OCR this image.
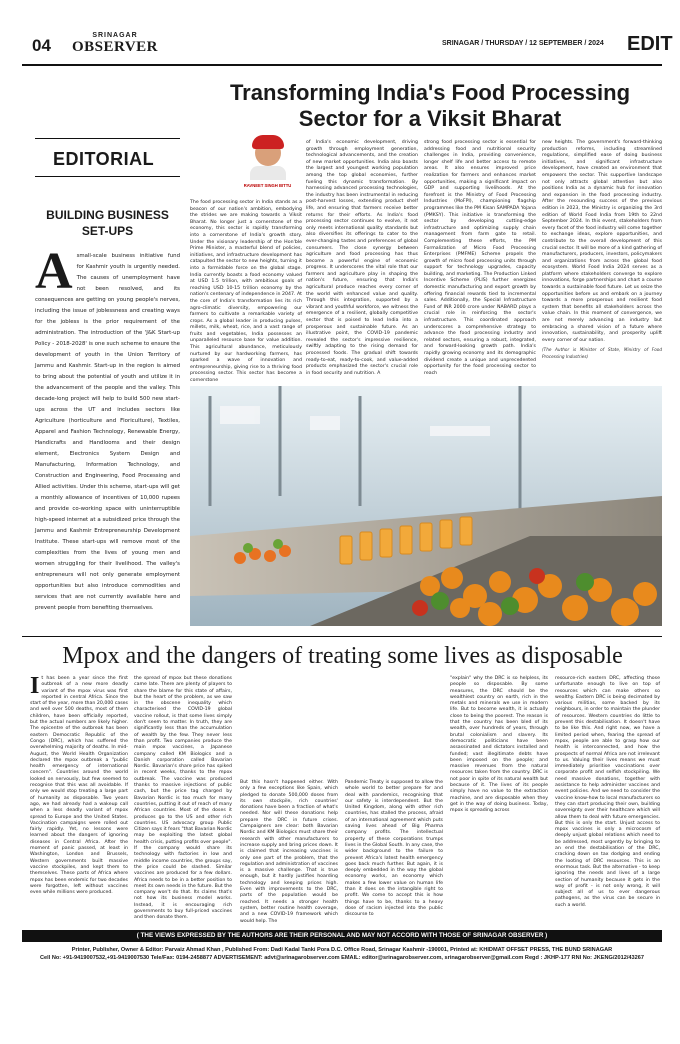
04
SRINAGAR
OBSERVER	SRINAGAR / THURSDAY / 12 SEPTEMBER / 2024 EDIT
Transforming India's Food Processing Sector for a Viksit Bharat
EDITORIAL
BUILDING BUSINESS SET-UPS

Asmall-scale business initiative fund for Kashmir youth is urgently needed. The causes of unemployment have not been resolved, and its consequences are getting on young people's nerves, including the issue of joblessness and creating ways for the jobless is the prior requirement of the administration. The introduction of the 'J&K Start-up Policy - 2018-2028' is one such scheme to ensure the development of youth in the Union Territory of Jammu and Kashmir. Start-up in the region is aimed to bring about the potential of youth and utilize it in the advancement of the people and the valley. This decade-long project will help to build 500 new start-ups across the UT and includes sectors like Agriculture (horticulture and Floriculture), Textiles, Apparel and Fashion Technology, Renewable Energy, Handicrafts and Handlooms and their design element, Electronics System Design and Manufacturing, Information Technology, and Construction and Engineering, Food Processing and Allied activities. Under this scheme, start-ups will get a monthly allowance of incentives of 10,000 rupees and provide co-working space with uninterruptible high-speed internet at a subsidized price through the Jammu and Kashmir Entrepreneurship Development Institute. These start-ups will remove most of the complexities from the lives of young men and women struggling for their livelihood. The valley's entrepreneurs will not only generate employment opportunities but also introduce commodities and services that are not currently available here and prevent people from benefiting themselves.

RAVNEET SINGH BITTU
The food processing sector in India stands as a beacon of our nation's ambition, embodying the strides we are making towards a Viksit Bharat. No longer just a cornerstone of the economy, this sector is rapidly transforming into a cornerstone of India's growth story. Under the visionary leadership of the Hon'ble Prime Minister, a masterful blend of policies, initiatives, and infrastructure development has catapulted the sector to new heights, turning it into a formidable force on the global stage. India currently boasts a food economy valued at USD 1.5 trillion, with ambitious goals of reaching USD 10-15 trillion economy by the nation's centenary of independence in 2047. At the core of India's transformation lies its rich agro-climatic diversity, empowering our farmers to cultivate a remarkable variety of crops. As a global leader in producing pulses, millets, milk, wheat, rice, and a vast range of fruits and vegetables, India possesses an unparalleled resource base for value addition. This agricultural abundance, meticulously nurtured by our hardworking farmers, has sparked a wave of innovation and entrepreneurship, giving rise to a thriving food processing sector. This sector has become a cornerstone
of India's economic development, driving growth through employment generation, technological advancements, and the creation of new market opportunities. India also boasts the largest and youngest working population among the top global economies, further fueling this dynamic transformation. By harnessing advanced processing technologies, the industry has been instrumental in reducing post-harvest losses, extending product shelf life, and ensuring that farmers receive better returns for their efforts. As India's food processing sector continues to evolve, it not only meets international quality standards but also diversifies its offerings to cater to the ever-changing tastes and preferences of global consumers. The close synergy between agriculture and food processing has thus become a powerful engine of economic progress. It underscores the vital role that our farmers and agriculture play in shaping the nation's future, ensuring that India's agricultural produce reaches every corner of the world with enhanced value and quality. Through this integration, supported by a vibrant and youthful workforce, we witness the emergence of a resilient, globally competitive sector that is poised to lead India into a prosperous and sustainable future. As an illustrative point, the COVID-19 pandemic revealed the sector's impressive resilience, swiftly adapting to the rising demand for processed foods. The gradual shift towards ready-to-eat, ready-to-cook, and value-added products emphasized the sector's crucial role in food security and nutrition. A
strong food processing sector is essential for addressing food and nutritional security challenges in India, providing convenience, longer shelf life and better access to remote areas. It also ensures improved price realization for farmers and enhances market opportunities, making a significant impact on GDP and supporting livelihoods. At the forefront is the Ministry of Food Processing Industries (MoFPI), championing flagship programmes like the PM Kisan SAMPADA Yojana (PMKSY). This initiative is transforming the sector by developing cutting-edge infrastructure and optimizing supply chain management from farm gate to retail. Complementing these efforts, the PM Formalization of Micro Food Processing Enterprises (PMFME) Scheme propels the growth of micro food processing units through support for technology upgrades, capacity building, and marketing. The Production Linked Incentive Scheme (PLIS) further energizes domestic manufacturing and export growth by offering financial rewards tied to incremental sales. Additionally, the Special Infrastructure Fund of INR 2000 crore under NABARD plays a crucial role in reinforcing the sector's infrastructure. This coordinated approach underscores a comprehensive strategy to advance the food processing industry and related sectors, ensuring a robust, integrated, and forward-looking growth path. India's rapidly growing economy and its demographic dividend create a unique and unprecedented opportunity for the food processing sector to reach
new heights. The government's forward-thinking production reforms, including streamlined regulations, simplified ease of doing business initiatives, and significant infrastructure development, have created an environment that empowers the sector. This supportive landscape not only attracts global attention but also positions India as a dynamic hub for innovation and expansion in the food processing industry. After the resounding success of the previous edition in 2023, the Ministry is organizing the 3rd edition of World Food India from 19th to 22nd September 2024. In this event, stakeholders from every facet of the food industry will come together to exchange ideas, explore opportunities, and contribute to the overall development of this crucial sector. It will be more of a kind gathering of manufacturers, producers, investors, policymakers and organizations from across the global food ecosystem. World Food India 2024 serves as a platform where stakeholders converge to explore innovations, forge partnerships and chart a course towards a sustainable food future. Let us seize the opportunities before us and embark on a journey towards a more prosperous and resilient food system that benefits all stakeholders across the value chain. In this moment of convergence, we are not merely advancing an industry but embracing a shared vision of a future where innovation, sustainability, and prosperity uplift every corner of our nation.
(The Author is Minister of State, Ministry of Food Processing Industries)
Mpox and the dangers of treating some lives as disposable
It has been a year since the first outbreak of a new more deadly variant of the mpox virus was first reported in central Africa. Since the start of the year, more than 20,000 cases and well over 500 deaths, most of them children, have been officially reported, but the actual numbers are likely higher. The epicentre of the outbreak has been eastern Democratic Republic of the Congo (DRC), which has suffered the overwhelming majority of deaths. In mid-August, the World Health Organization declared the mpox outbreak a "public health emergency of international concern". Countries around the world looked on nervously, but few seemed to recognise that this was all avoidable. If only we would stop treating a large part of humanity as disposable. Two years ago, we had already had a wakeup call when a less deadly variant of mpox spread to Europe and the United States. Vaccination campaigns were rolled out fairly rapidly. Yet, no lessons were learned about the dangers of ignoring diseases in Central Africa. After the moment of panic passed, at least in Washington, London and Brussels, Western governments built massive vaccine stockpiles, and kept them to themselves. These parts of Africa where mpox has been endemic for two decades were forgotten, left without vaccines even while millions were produced.
the spread of mpox but these donations came late. There are plenty of players to share the blame for this state of affairs, but the heart of the problem, as we saw in the obscene inequality which characterised the COVID-19 global vaccine rollout, is that some lives simply don't seem to matter. In truth, they are significantly less than the accumulation of wealth by the few. They never less than profit. Two companies produce the main mpox vaccines, a Japanese company called KM Biologics and a Danish corporation called Bavarian Nordic. Bavarian's share price has spiked in recent weeks, thanks to the mpox outbreak. The vaccine was produced thanks to massive injections of public cash, but the price tag charged by Bavarian Nordic is too much for many countries, putting it out of reach of many African countries. Most of the doses it produces go to the US and other rich countries. US advocacy group Public Citizen says it fears "that Bavarian Nordic may be exploiting the latest global health crisis, putting profits over people". If the company would share its technology with factories in low and middle income countries, the groups say, the price could be slashed. Similar vaccines are produced for a few dollars. Africa needs to be in a better position to meet its own needs in the future. But the company won't do that. Its claims that's not how its business model works. Instead, it is encouraging rich governments to buy full-priced vaccines and then donate them.
But this hasn't happened either. With only a few exceptions like Spain, which pledged to donate 500,000 doses from its own stockpile, rich countries' donations have been a fraction of what's needed. Nor will these donations help prepare the DRC in future crises. Campaigners are clear: both Bavarian Nordic and KM Biologics must share their research with other manufacturers to increase supply and bring prices down. It is claimed that increasing vaccines is only one part of the problem, that the regulation and administration of vaccines is a massive challenge. That is true enough, but it hardly justifies hoarding technology and keeping prices high. Even with improvements to the DRC, parts of the population would be reached. It needs a stronger health system, better routine health coverage, and a new COVID-19 framework which would help. The
Pandemic Treaty is supposed to allow the whole world to better prepare for and deal with pandemics, recognising that our safety is interdependent. But the United Kingdom, along with other rich countries, has stalled the process, afraid of an international agreement which puts saving lives ahead of Big Pharma company profits. The intellectual property of these corporations trumps lives in the Global South. In any case, the wider background to the failure to prevent Africa's latest health emergency goes back much further. But again, it is deeply embedded in the way the global economy works, an economy which makes a few lower value on human life than it does on the intangible right to profit. We come to accept this is how things have to be, thanks to a heavy dose of racism injected into the public discourse to
"explain" why the DRC is so helpless, its people so disposable. By some measures, the DRC should be the wealthiest country on earth, rich in the metals and minerals we use in modern life. But to become wealth, it is actually close to being the poorest. The reason is that the country has been bled of its wealth, over hundreds of years, through brutal colonialism and slavery. Its democratic politicians have been assassinated and dictators installed and funded; vast illegitimate debts have been imposed on the people; and massive revenues from the natural resources taken from the country. DRC is not poor in spite of its natural wealth but because of it. The lives of its people simply have no value to the extraction machine, and are disposable when they get in the way of doing business. Today, mpox is spreading across
resource-rich eastern DRC, affecting those unfortunate enough to live on top of resources which can make others so wealthy. Eastern DRC is being decimated by various militias, some backed by its neighbours, in order to maintain the plunder of resources. Western countries do little to prevent this destabilisation. It doesn't have to be like this. And right now, we have a limited period when, fearing the spread of mpox, people are able to grasp how our health is interconnected, and how the prospects of normal Africa are not irrelevant to us. Valuing their lives means we must immediately prioritise vaccinations over corporate profit and selfish stockpiling. We need massive donations, together with assistance to help administer vaccines and event policies. And we need to consider the vaccine know-how to local manufacturers so they can start producing their own, building sovereignty over their healthcare which will allow them to deal with future emergencies. But this is only the start. Unjust access to mpox vaccines is only a microcosm of deeply unjust global relations which need to be addressed, most urgently by bringing to an end the destabilisation of the DRC, cracking down on tax dodging and ending the looting of DRC resources. This is an enormous task. But the alternative - to keep ignoring the needs and lives of a large section of humanity because it gets in the way of profit - is not only wrong, it will subject all of us to ever dangerous pathogens, as the virus can be secure in such a world.
( THE VIEWS EXPRESSED BY THE AUTHORS ARE THEIR PERSONAL AND MAY NOT ACCORD WITH THOSE OF SRINAGAR OBSERVER )
Printer, Publisher, Owner & Editor: Parvaiz Ahmad Khan , Published From: Dadi Kadal Tanki Pora D.C. Office Road, Srinagar Kashmir -190001, Printed at: KHIDMAT OFFSET PRESS, THE BUND SRINAGAR
Cell No: +91-9419007532,+91-9419007530 Tele/Fax: 0194-2458877 ADVERTISEMENT: advt@srinagarobserver.com EMAIL: editor@srinagarobserver.com, srinagarobserver@gmail.com Regd : JKHP-177 RNI No: JKENG/2012/43267
